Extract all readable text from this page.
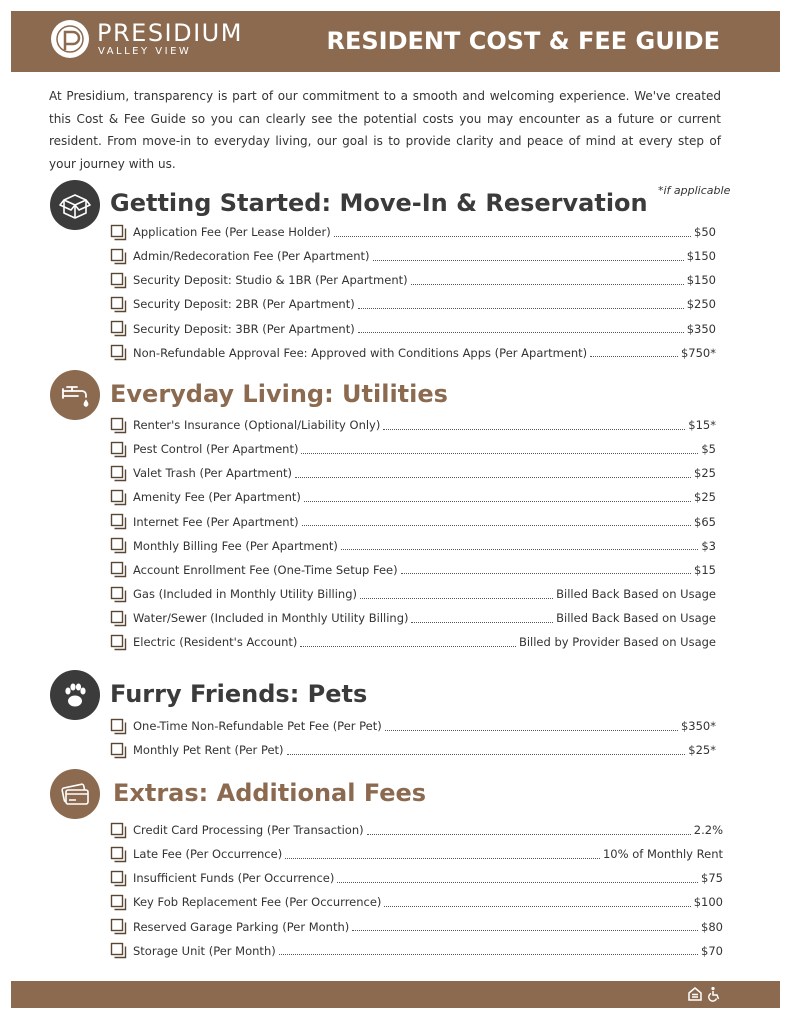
PRESIDIUM
VALLEY VIEW	RESIDENT COST & FEE GUIDE
At Presidium, transparency is part of our commitment to a smooth and welcoming experience. We've created this Cost & Fee Guide so you can clearly see the potential costs you may encounter as a future or current resident. From move-in to everyday living, our goal is to provide clarity and peace of mind at every step of your journey with us.
Getting Started: Move-In & Reservation *if applicable
Application Fee (Per Lease Holder)	$50
Admin/Redecoration Fee (Per Apartment)	$150
Security Deposit: Studio & 1BR (Per Apartment)	$150
Security Deposit: 2BR (Per Apartment)	$250
Security Deposit: 3BR (Per Apartment)	$350
Non-Refundable Approval Fee: Approved with Conditions Apps (Per Apartment)	$750*
Everyday Living: Utilities
Renter's Insurance (Optional/Liability Only)	$15*
Pest Control (Per Apartment)	$5
Valet Trash (Per Apartment)	$25
Amenity Fee (Per Apartment)	$25
Internet Fee (Per Apartment)	$65
Monthly Billing Fee (Per Apartment)	$3
Account Enrollment Fee (One-Time Setup Fee)	$15
Gas (Included in Monthly Utility Billing)	Billed Back Based on Usage
Water/Sewer (Included in Monthly Utility Billing)	Billed Back Based on Usage
Electric (Resident's Account)	Billed by Provider Based on Usage
Furry Friends: Pets
One-Time Non-Refundable Pet Fee (Per Pet)	$350*
Monthly Pet Rent (Per Pet)	$25*
Extras: Additional Fees
Credit Card Processing (Per Transaction)	2.2%
Late Fee (Per Occurrence)	10% of Monthly Rent
Insufficient Funds (Per Occurrence)	$75
Key Fob Replacement Fee (Per Occurrence)	$100
Reserved Garage Parking (Per Month)	$80
Storage Unit (Per Month)	$70
